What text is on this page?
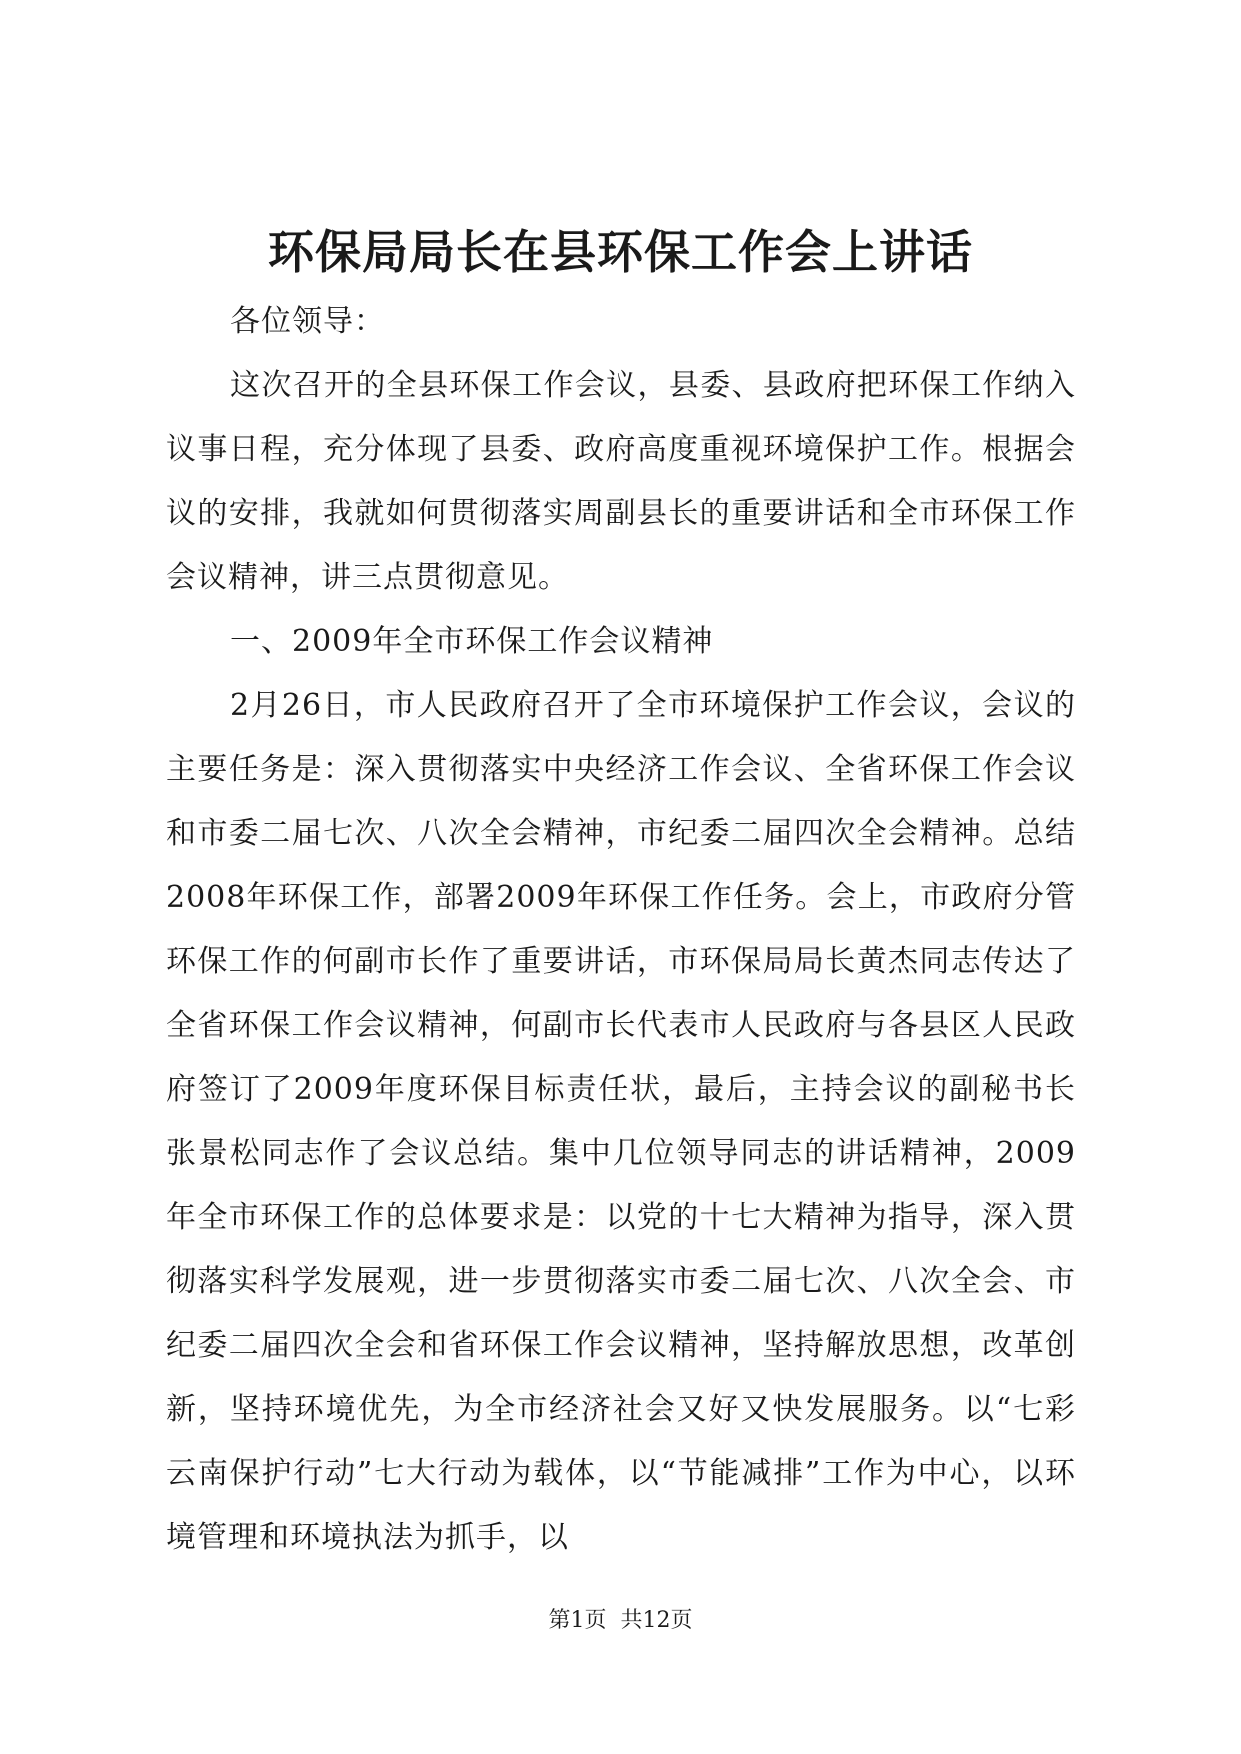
环保局局长在县环保工作会上讲话

各位领导：

这次召开的全县环保工作会议，县委、县政府把环保工作纳入议事日程，充分体现了县委、政府高度重视环境保护工作。根据会议的安排，我就如何贯彻落实周副县长的重要讲话和全市环保工作会议精神，讲三点贯彻意见。

一、2009年全市环保工作会议精神

2月26日，市人民政府召开了全市环境保护工作会议，会议的主要任务是：深入贯彻落实中央经济工作会议、全省环保工作会议和市委二届七次、八次全会精神，市纪委二届四次全会精神。总结2008年环保工作，部署2009年环保工作任务。会上，市政府分管环保工作的何副市长作了重要讲话，市环保局局长黄杰同志传达了全省环保工作会议精神，何副市长代表市人民政府与各县区人民政府签订了2009年度环保目标责任状，最后，主持会议的副秘书长张景松同志作了会议总结。集中几位领导同志的讲话精神，2009年全市环保工作的总体要求是：以党的十七大精神为指导，深入贯彻落实科学发展观，进一步贯彻落实市委二届七次、八次全会、市纪委二届四次全会和省环保工作会议精神，坚持解放思想，改革创新，坚持环境优先，为全市经济社会又好又快发展服务。以“七彩云南保护行动”七大行动为载体，以“节能减排”工作为中心，以环境管理和环境执法为抓手，以

第1页  共12页
